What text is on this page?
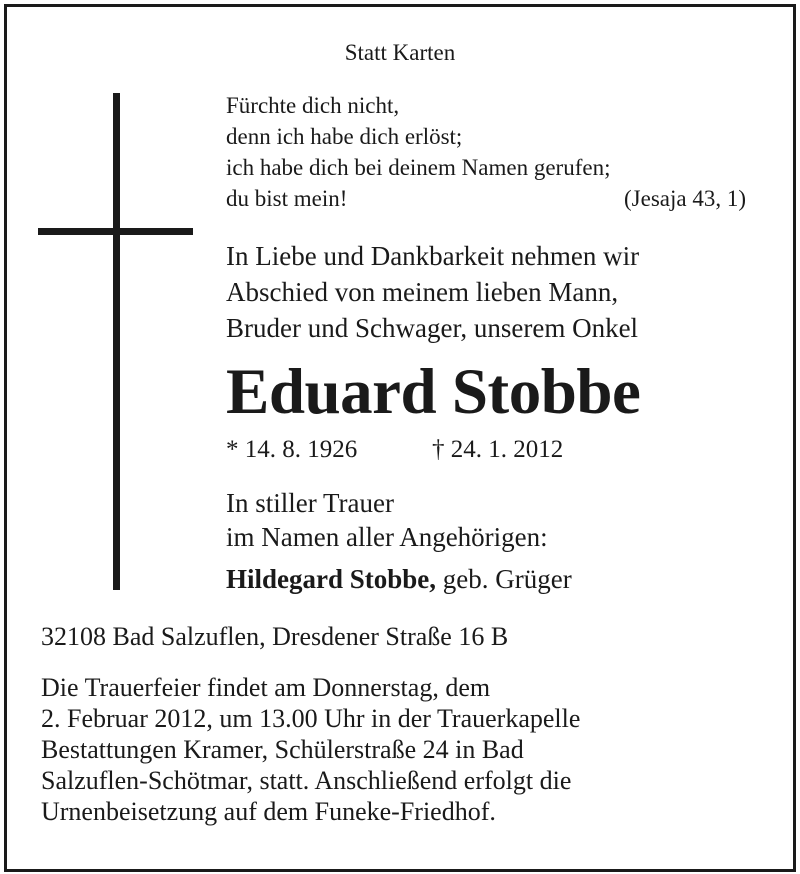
Statt Karten
Fürchte dich nicht,
denn ich habe dich erlöst;
ich habe dich bei deinem Namen gerufen;
du bist mein!	(Jesaja 43, 1)
In Liebe und Dankbarkeit nehmen wir
Abschied von meinem lieben Mann,
Bruder und Schwager, unserem Onkel
Eduard Stobbe
* 14. 8. 1926	† 24. 1. 2012
In stiller Trauer
im Namen aller Angehörigen:
Hildegard Stobbe, geb. Grüger
32108 Bad Salzuflen, Dresdener Straße 16 B
Die Trauerfeier findet am Donnerstag, dem
2. Februar 2012, um 13.00 Uhr in der Trauerkapelle
Bestattungen Kramer, Schülerstraße 24 in Bad
Salzuflen-Schötmar, statt. Anschließend erfolgt die
Urnenbeisetzung auf dem Funeke-Friedhof.
